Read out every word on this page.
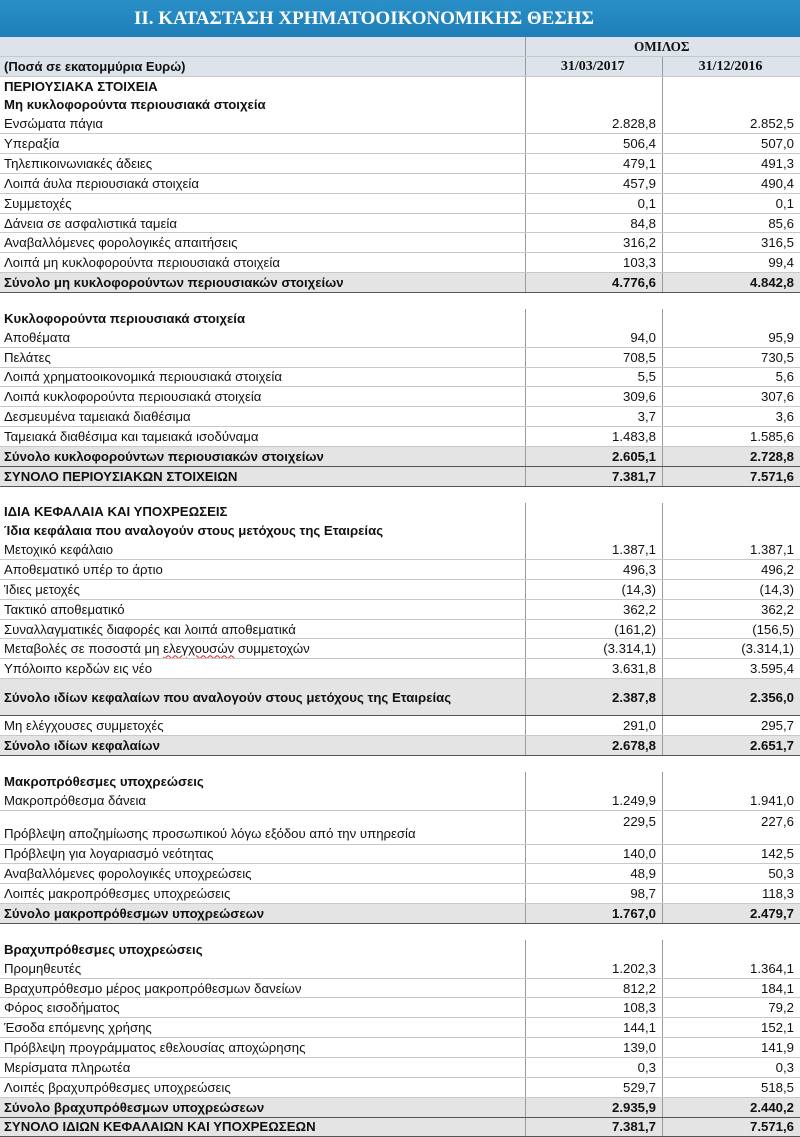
II. ΚΑΤΑΣΤΑΣΗ ΧΡΗΜΑΤΟΟΙΚΟΝΟΜΙΚΗΣ ΘΕΣΗΣ
	ΟΜΙΛΟΣ	
(Ποσά σε εκατομμύρια Ευρώ)	31/03/2017	31/12/2016
ΠΕΡΙΟΥΣΙΑΚΑ ΣΤΟΙΧΕΙΑ		
Μη κυκλοφορούντα περιουσιακά στοιχεία		
Ενσώματα πάγια	2.828,8	2.852,5
Υπεραξία	506,4	507,0
Τηλεπικοινωνιακές άδειες	479,1	491,3
Λοιπά άυλα περιουσιακά στοιχεία	457,9	490,4
Συμμετοχές	0,1	0,1
Δάνεια σε ασφαλιστικά ταμεία	84,8	85,6
Αναβαλλόμενες φορολογικές απαιτήσεις	316,2	316,5
Λοιπά μη κυκλοφορούντα περιουσιακά στοιχεία	103,3	99,4
Σύνολο μη κυκλοφορούντων περιουσιακών στοιχείων	4.776,6	4.842,8

Κυκλοφορούντα περιουσιακά στοιχεία		
Αποθέματα	94,0	95,9
Πελάτες	708,5	730,5
Λοιπά χρηματοοικονομικά περιουσιακά στοιχεία	5,5	5,6
Λοιπά κυκλοφορούντα περιουσιακά στοιχεία	309,6	307,6
Δεσμευμένα ταμειακά διαθέσιμα	3,7	3,6
Ταμειακά διαθέσιμα και ταμειακά ισοδύναμα	1.483,8	1.585,6
Σύνολο κυκλοφορούντων περιουσιακών στοιχείων	2.605,1	2.728,8
ΣΥΝΟΛΟ ΠΕΡΙΟΥΣΙΑΚΩΝ ΣΤΟΙΧΕΙΩΝ	7.381,7	7.571,6

ΙΔΙΑ ΚΕΦΑΛΑΙΑ ΚΑΙ ΥΠΟΧΡΕΩΣΕΙΣ		
Ίδια κεφάλαια που αναλογούν στους μετόχους της Εταιρείας		
Μετοχικό κεφάλαιο	1.387,1	1.387,1
Αποθεματικό υπέρ το άρτιο	496,3	496,2
Ίδιες μετοχές	(14,3)	(14,3)
Τακτικό αποθεματικό	362,2	362,2
Συναλλαγματικές διαφορές και λοιπά αποθεματικά	(161,2)	(156,5)
Μεταβολές σε ποσοστά μη ελεγχουσών συμμετοχών	(3.314,1)	(3.314,1)
Υπόλοιπο κερδών εις νέο	3.631,8	3.595,4
Σύνολο ιδίων κεφαλαίων που αναλογούν στους μετόχους της Εταιρείας	2.387,8	2.356,0
Μη ελέγχουσες συμμετοχές	291,0	295,7
Σύνολο ιδίων κεφαλαίων	2.678,8	2.651,7

Μακροπρόθεσμες υποχρεώσεις		
Μακροπρόθεσμα δάνεια	1.249,9	1.941,0
Πρόβλεψη αποζημίωσης προσωπικού λόγω εξόδου από την υπηρεσία	229,5	227,6
Πρόβλεψη για λογαριασμό νεότητας	140,0	142,5
Αναβαλλόμενες φορολογικές υποχρεώσεις	48,9	50,3
Λοιπές μακροπρόθεσμες υποχρεώσεις	98,7	118,3
Σύνολο μακροπρόθεσμων υποχρεώσεων	1.767,0	2.479,7

Βραχυπρόθεσμες υποχρεώσεις		
Προμηθευτές	1.202,3	1.364,1
Βραχυπρόθεσμο μέρος μακροπρόθεσμων δανείων	812,2	184,1
Φόρος εισοδήματος	108,3	79,2
Έσοδα επόμενης χρήσης	144,1	152,1
Πρόβλεψη προγράμματος εθελουσίας αποχώρησης	139,0	141,9
Μερίσματα πληρωτέα	0,3	0,3
Λοιπές βραχυπρόθεσμες υποχρεώσεις	529,7	518,5
Σύνολο βραχυπρόθεσμων υποχρεώσεων	2.935,9	2.440,2
ΣΥΝΟΛΟ ΙΔΙΩΝ ΚΕΦΑΛΑΙΩΝ ΚΑΙ ΥΠΟΧΡΕΩΣΕΩΝ	7.381,7	7.571,6
